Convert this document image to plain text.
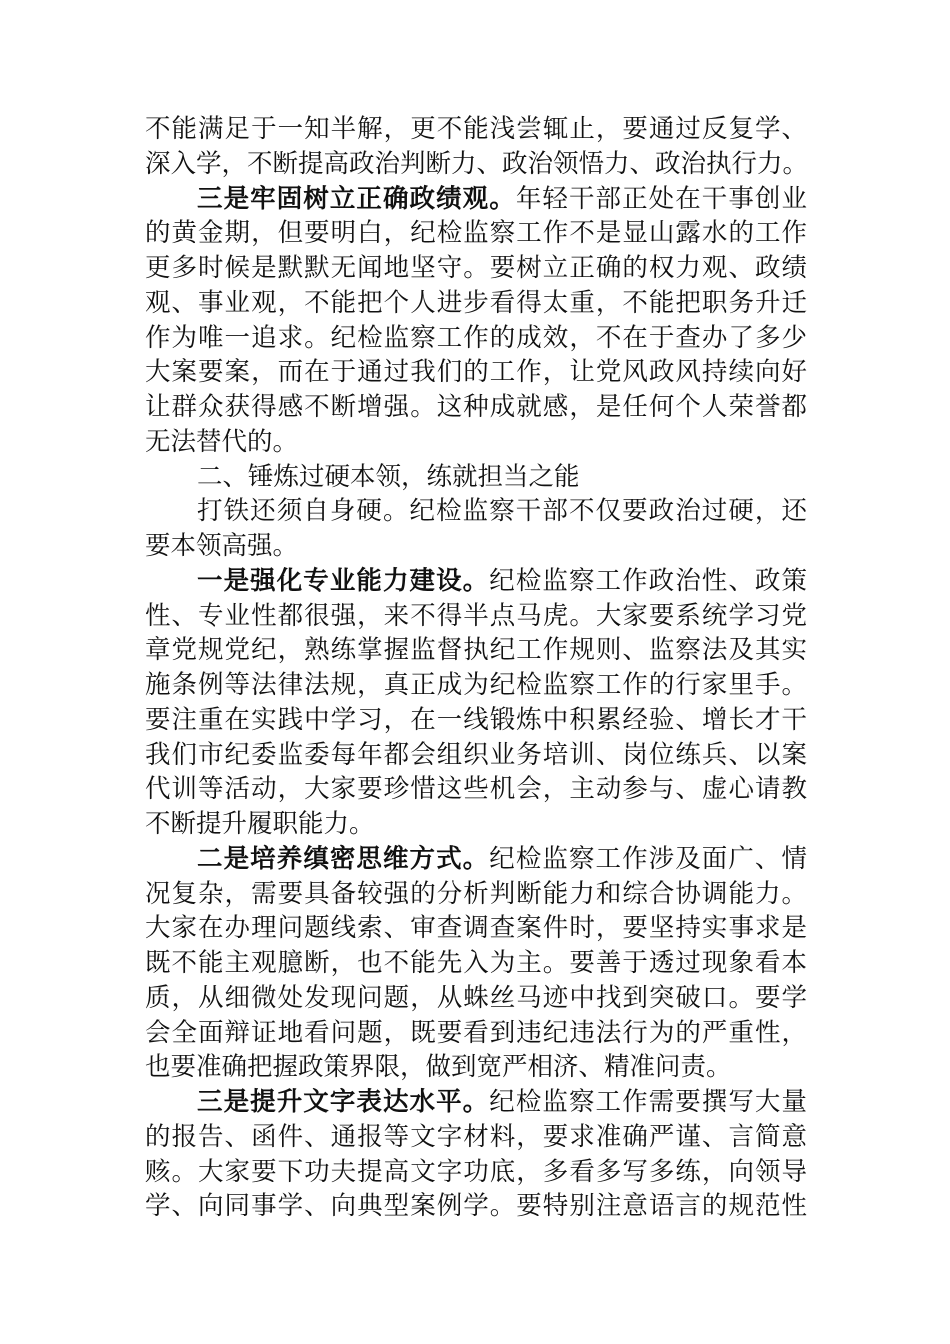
不能满足于一知半解，更不能浅尝辄止，要通过反复学、
深入学，不断提高政治判断力、政治领悟力、政治执行力。
三是牢固树立正确政绩观。年轻干部正处在干事创业
的黄金期，但要明白，纪检监察工作不是显山露水的工作
更多时候是默默无闻地坚守。要树立正确的权力观、政绩
观、事业观，不能把个人进步看得太重，不能把职务升迁
作为唯一追求。纪检监察工作的成效，不在于查办了多少
大案要案，而在于通过我们的工作，让党风政风持续向好
让群众获得感不断增强。这种成就感，是任何个人荣誉都
无法替代的。
二、锤炼过硬本领，练就担当之能
打铁还须自身硬。纪检监察干部不仅要政治过硬，还
要本领高强。
一是强化专业能力建设。纪检监察工作政治性、政策
性、专业性都很强，来不得半点马虎。大家要系统学习党
章党规党纪，熟练掌握监督执纪工作规则、监察法及其实
施条例等法律法规，真正成为纪检监察工作的行家里手。
要注重在实践中学习，在一线锻炼中积累经验、增长才干
我们市纪委监委每年都会组织业务培训、岗位练兵、以案
代训等活动，大家要珍惜这些机会，主动参与、虚心请教
不断提升履职能力。
二是培养缜密思维方式。纪检监察工作涉及面广、情
况复杂，需要具备较强的分析判断能力和综合协调能力。
大家在办理问题线索、审查调查案件时，要坚持实事求是
既不能主观臆断，也不能先入为主。要善于透过现象看本
质，从细微处发现问题，从蛛丝马迹中找到突破口。要学
会全面辩证地看问题，既要看到违纪违法行为的严重性，
也要准确把握政策界限，做到宽严相济、精准问责。
三是提升文字表达水平。纪检监察工作需要撰写大量
的报告、函件、通报等文字材料，要求准确严谨、言简意
赅。大家要下功夫提高文字功底，多看多写多练，向领导
学、向同事学、向典型案例学。要特别注意语言的规范性
